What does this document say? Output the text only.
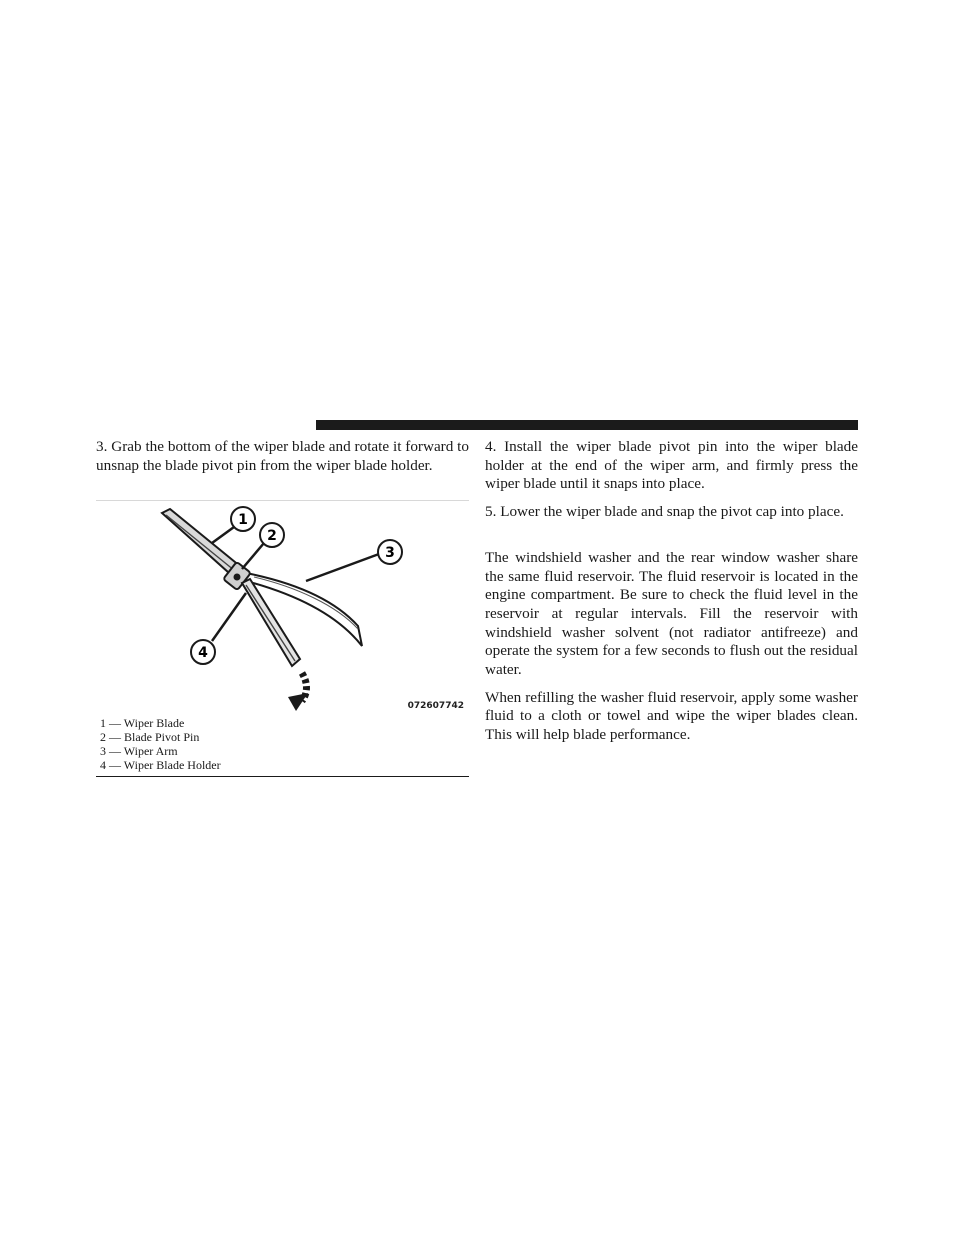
3. Grab the bottom of the wiper blade and rotate it forward to unsnap the blade pivot pin from the wiper blade holder.

1
2
3
4
072607742
1 — Wiper Blade
2 — Blade Pivot Pin
3 — Wiper Arm
4 — Wiper Blade Holder

4. Install the wiper blade pivot pin into the wiper blade holder at the end of the wiper arm, and firmly press the wiper blade until it snaps into place.

5. Lower the wiper blade and snap the pivot cap into place.

The windshield washer and the rear window washer share the same fluid reservoir. The fluid reservoir is located in the engine compartment. Be sure to check the fluid level in the reservoir at regular intervals. Fill the reservoir with windshield washer solvent (not radiator antifreeze) and operate the system for a few seconds to flush out the residual water.

When refilling the washer fluid reservoir, apply some washer fluid to a cloth or towel and wipe the wiper blades clean. This will help blade performance.
